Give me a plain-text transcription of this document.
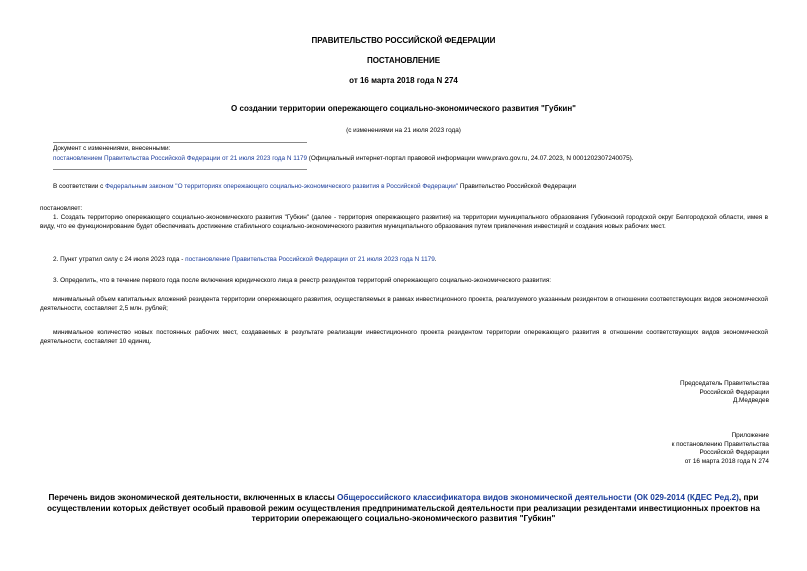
ПРАВИТЕЛЬСТВО РОССИЙСКОЙ ФЕДЕРАЦИИ
ПОСТАНОВЛЕНИЕ
от 16 марта 2018 года N 274
О создании территории опережающего социально-экономического развития "Губкин"
(с изменениями на 21 июля 2023 года)
Документ с изменениями, внесенными:
постановлением Правительства Российской Федерации от 21 июля 2023 года N 1179 (Официальный интернет-портал правовой информации www.pravo.gov.ru, 24.07.2023, N 0001202307240075).
В соответствии с Федеральным законом "О территориях опережающего социально-экономического развития в Российской Федерации" Правительство Российской Федерации
постановляет:
1. Создать территорию опережающего социально-экономического развития "Губкин" (далее - территория опережающего развития) на территории муниципального образования Губкинский городской округ Белгородской области, имея в виду, что ее функционирование будет обеспечивать достижение стабильного социально-экономического развития муниципального образования путем привлечения инвестиций и создания новых рабочих мест.
2. Пункт утратил силу с 24 июля 2023 года - постановление Правительства Российской Федерации от 21 июля 2023 года N 1179.
3. Определить, что в течение первого года после включения юридического лица в реестр резидентов территорий опережающего социально-экономического развития:
минимальный объем капитальных вложений резидента территории опережающего развития, осуществляемых в рамках инвестиционного проекта, реализуемого указанным резидентом в отношении соответствующих видов экономической деятельности, составляет 2,5 млн. рублей;
минимальное количество новых постоянных рабочих мест, создаваемых в результате реализации инвестиционного проекта резидентом территории опережающего развития в отношении соответствующих видов экономической деятельности, составляет 10 единиц.
Председатель Правительства
Российской Федерации
Д.Медведев
Приложение
к постановлению Правительства
Российской Федерации
от 16 марта 2018 года N 274
Перечень видов экономической деятельности, включенных в классы Общероссийского классификатора видов экономической деятельности (ОК 029-2014 (КДЕС Ред.2), при осуществлении которых действует особый правовой режим осуществления предпринимательской деятельности при реализации резидентами инвестиционных проектов на территории опережающего социально-экономического развития "Губкин"
